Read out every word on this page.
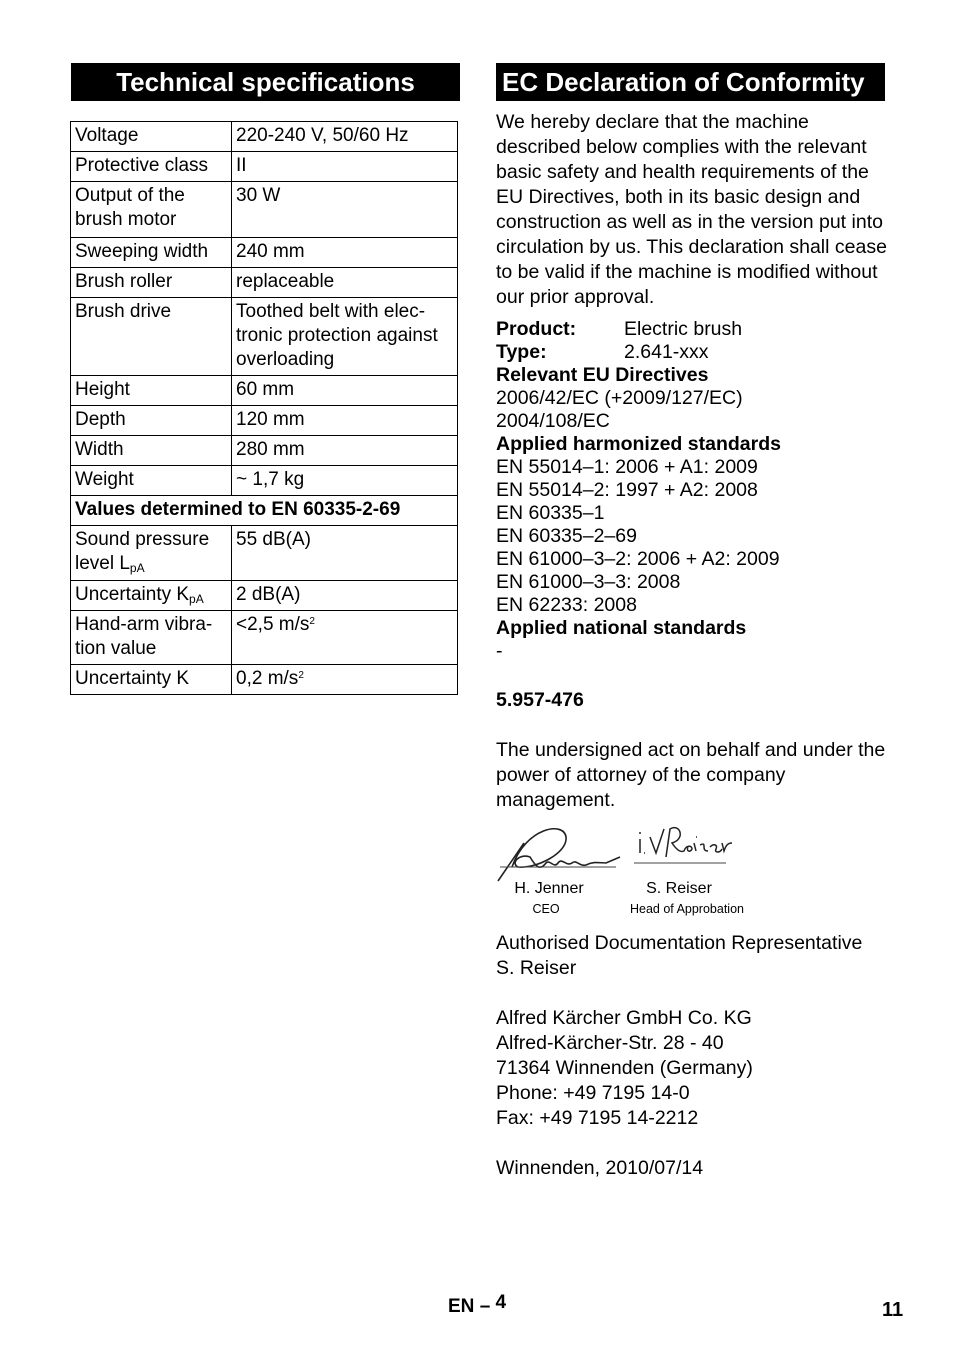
Technical specifications
Voltage	220-240 V, 50/60 Hz
Protective class	II
Output of the brush motor	30 W
Sweeping width	240 mm
Brush roller	replaceable
Brush drive	Toothed belt with elec-tronic protection against overloading
Height	60 mm
Depth	120 mm
Width	280 mm
Weight	~ 1,7 kg
Values determined to EN 60335-2-69	
Sound pressure level $L_{pA}$	55 dB(A)
Uncertainty $K_{pA}$	2 dB(A)
Hand-arm vibra-tion value	<2,5 $m/s^2$
Uncertainty K	0,2 $m/s^2$
EC Declaration of Conformity

We hereby declare that the machine described below complies with the relevant basic safety and health requirements of the EU Directives, both in its basic design and construction as well as in the version put into circulation by us. This declaration shall cease to be valid if the machine is modified without our prior approval.

Product:	Electric brush
Type:	2.641-xxx
Relevant EU Directives
2006/42/EC (+2009/127/EC)
2004/108/EC
Applied harmonized standards
EN 55014–1: 2006 + A1: 2009
EN 55014–2: 1997 + A2: 2008
EN 60335–1
EN 60335–2–69
EN 61000–3–2: 2006 + A2: 2009
EN 61000–3–3: 2008
EN 62233: 2008
Applied national standards
-

5.957-476

The undersigned act on behalf and under the power of attorney of the company management.

H. Jenner
CEO
S. Reiser
Head of Approbation

Authorised Documentation Representative

S. Reiser

Alfred Kärcher GmbH Co. KG

Alfred-Kärcher-Str. 28 - 40

71364 Winnenden (Germany)

Phone: +49 7195 14-0

Fax: +49 7195 14-2212

Winnenden, 2010/07/14

EN – 4	11
